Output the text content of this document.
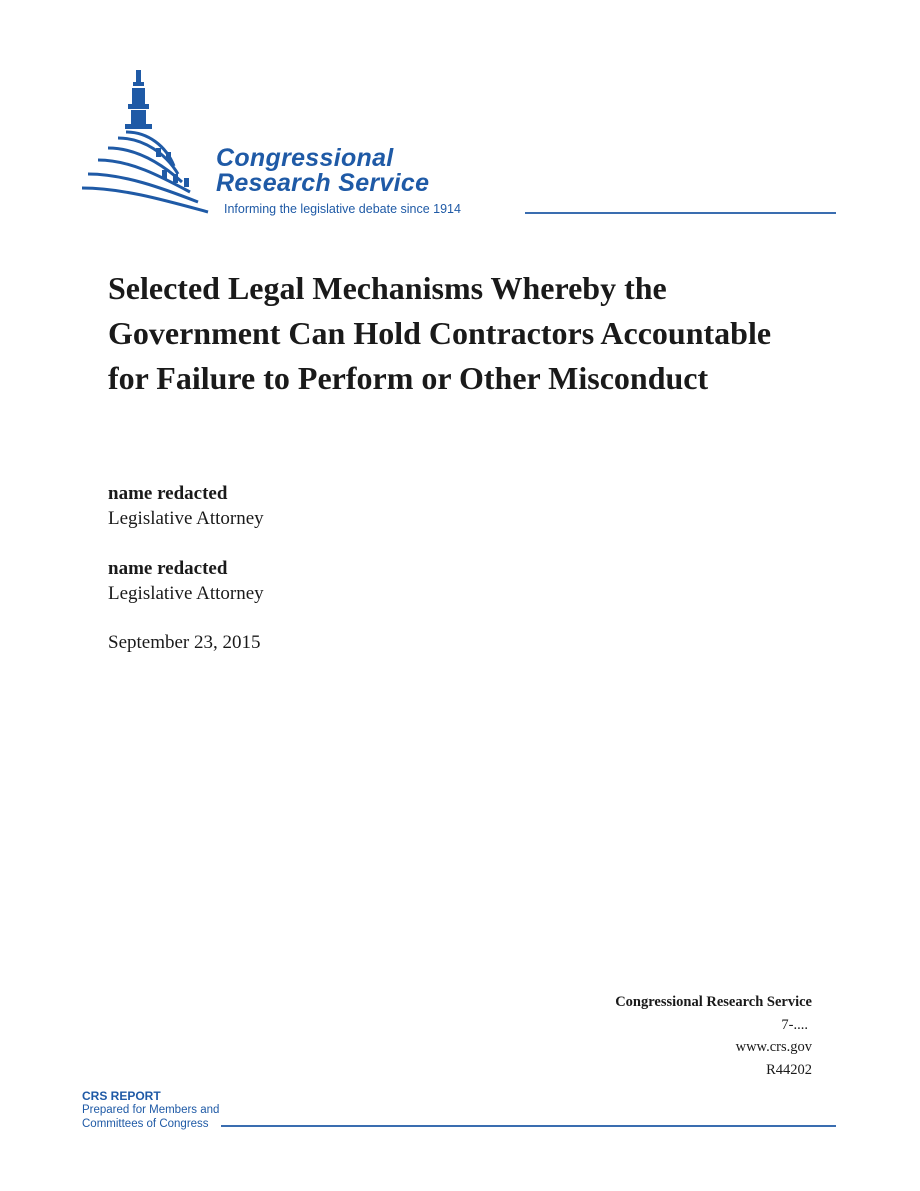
Congressional
Research Service
Informing the legislative debate since 1914
Selected Legal Mechanisms Whereby the Government Can Hold Contractors Accountable for Failure to Perform or Other Misconduct
name redacted
Legislative Attorney
name redacted
Legislative Attorney
September 23, 2015
Congressional Research Service
7-....
www.crs.gov
R44202
CRS REPORT
Prepared for Members and
Committees of Congress
